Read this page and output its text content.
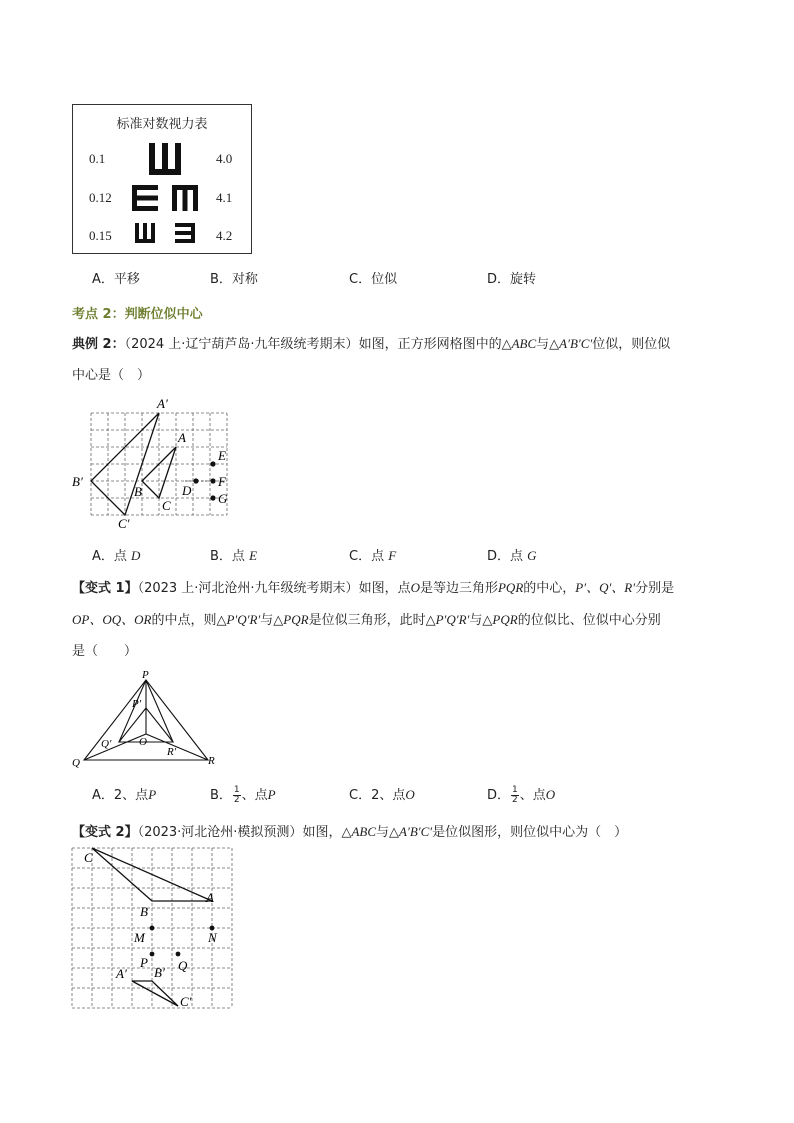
标准对数视力表
0.1	4.0
0.12	4.1
0.15	4.2
A．平移	B．对称	C．位似	D．旋转
考点 2：判断位似中心
典例 2：（2024 上·辽宁葫芦岛·九年级统考期末）如图，正方形网格图中的△ABC与△A′B′C′位似，则位似
中心是（　）
A′
A
B′
B
C
C′
D
E
F
G
A．点 D	B．点 E	C．点 F	D．点 G
【变式 1】（2023 上·河北沧州·九年级统考期末）如图，点O是等边三角形PQR的中心，P′、Q′、R′分别是
OP、OQ、OR的中点，则△P′Q′R′与△PQR是位似三角形，此时△P′Q′R′与△PQR的位似比、位似中心分别
是（　　）
P
P′
Q′	O
R′
Q	R
A．2、点P	B． $\frac{1}{2}$ 、点P	C．2、点O	D． $\frac{1}{2}$ 、点O
【变式 2】（2023·河北沧州·模拟预测）如图，△ABC与△A′B′C′是位似图形，则位似中心为（　）
C
A
B
M	N
P Q
A′ B′
C′
